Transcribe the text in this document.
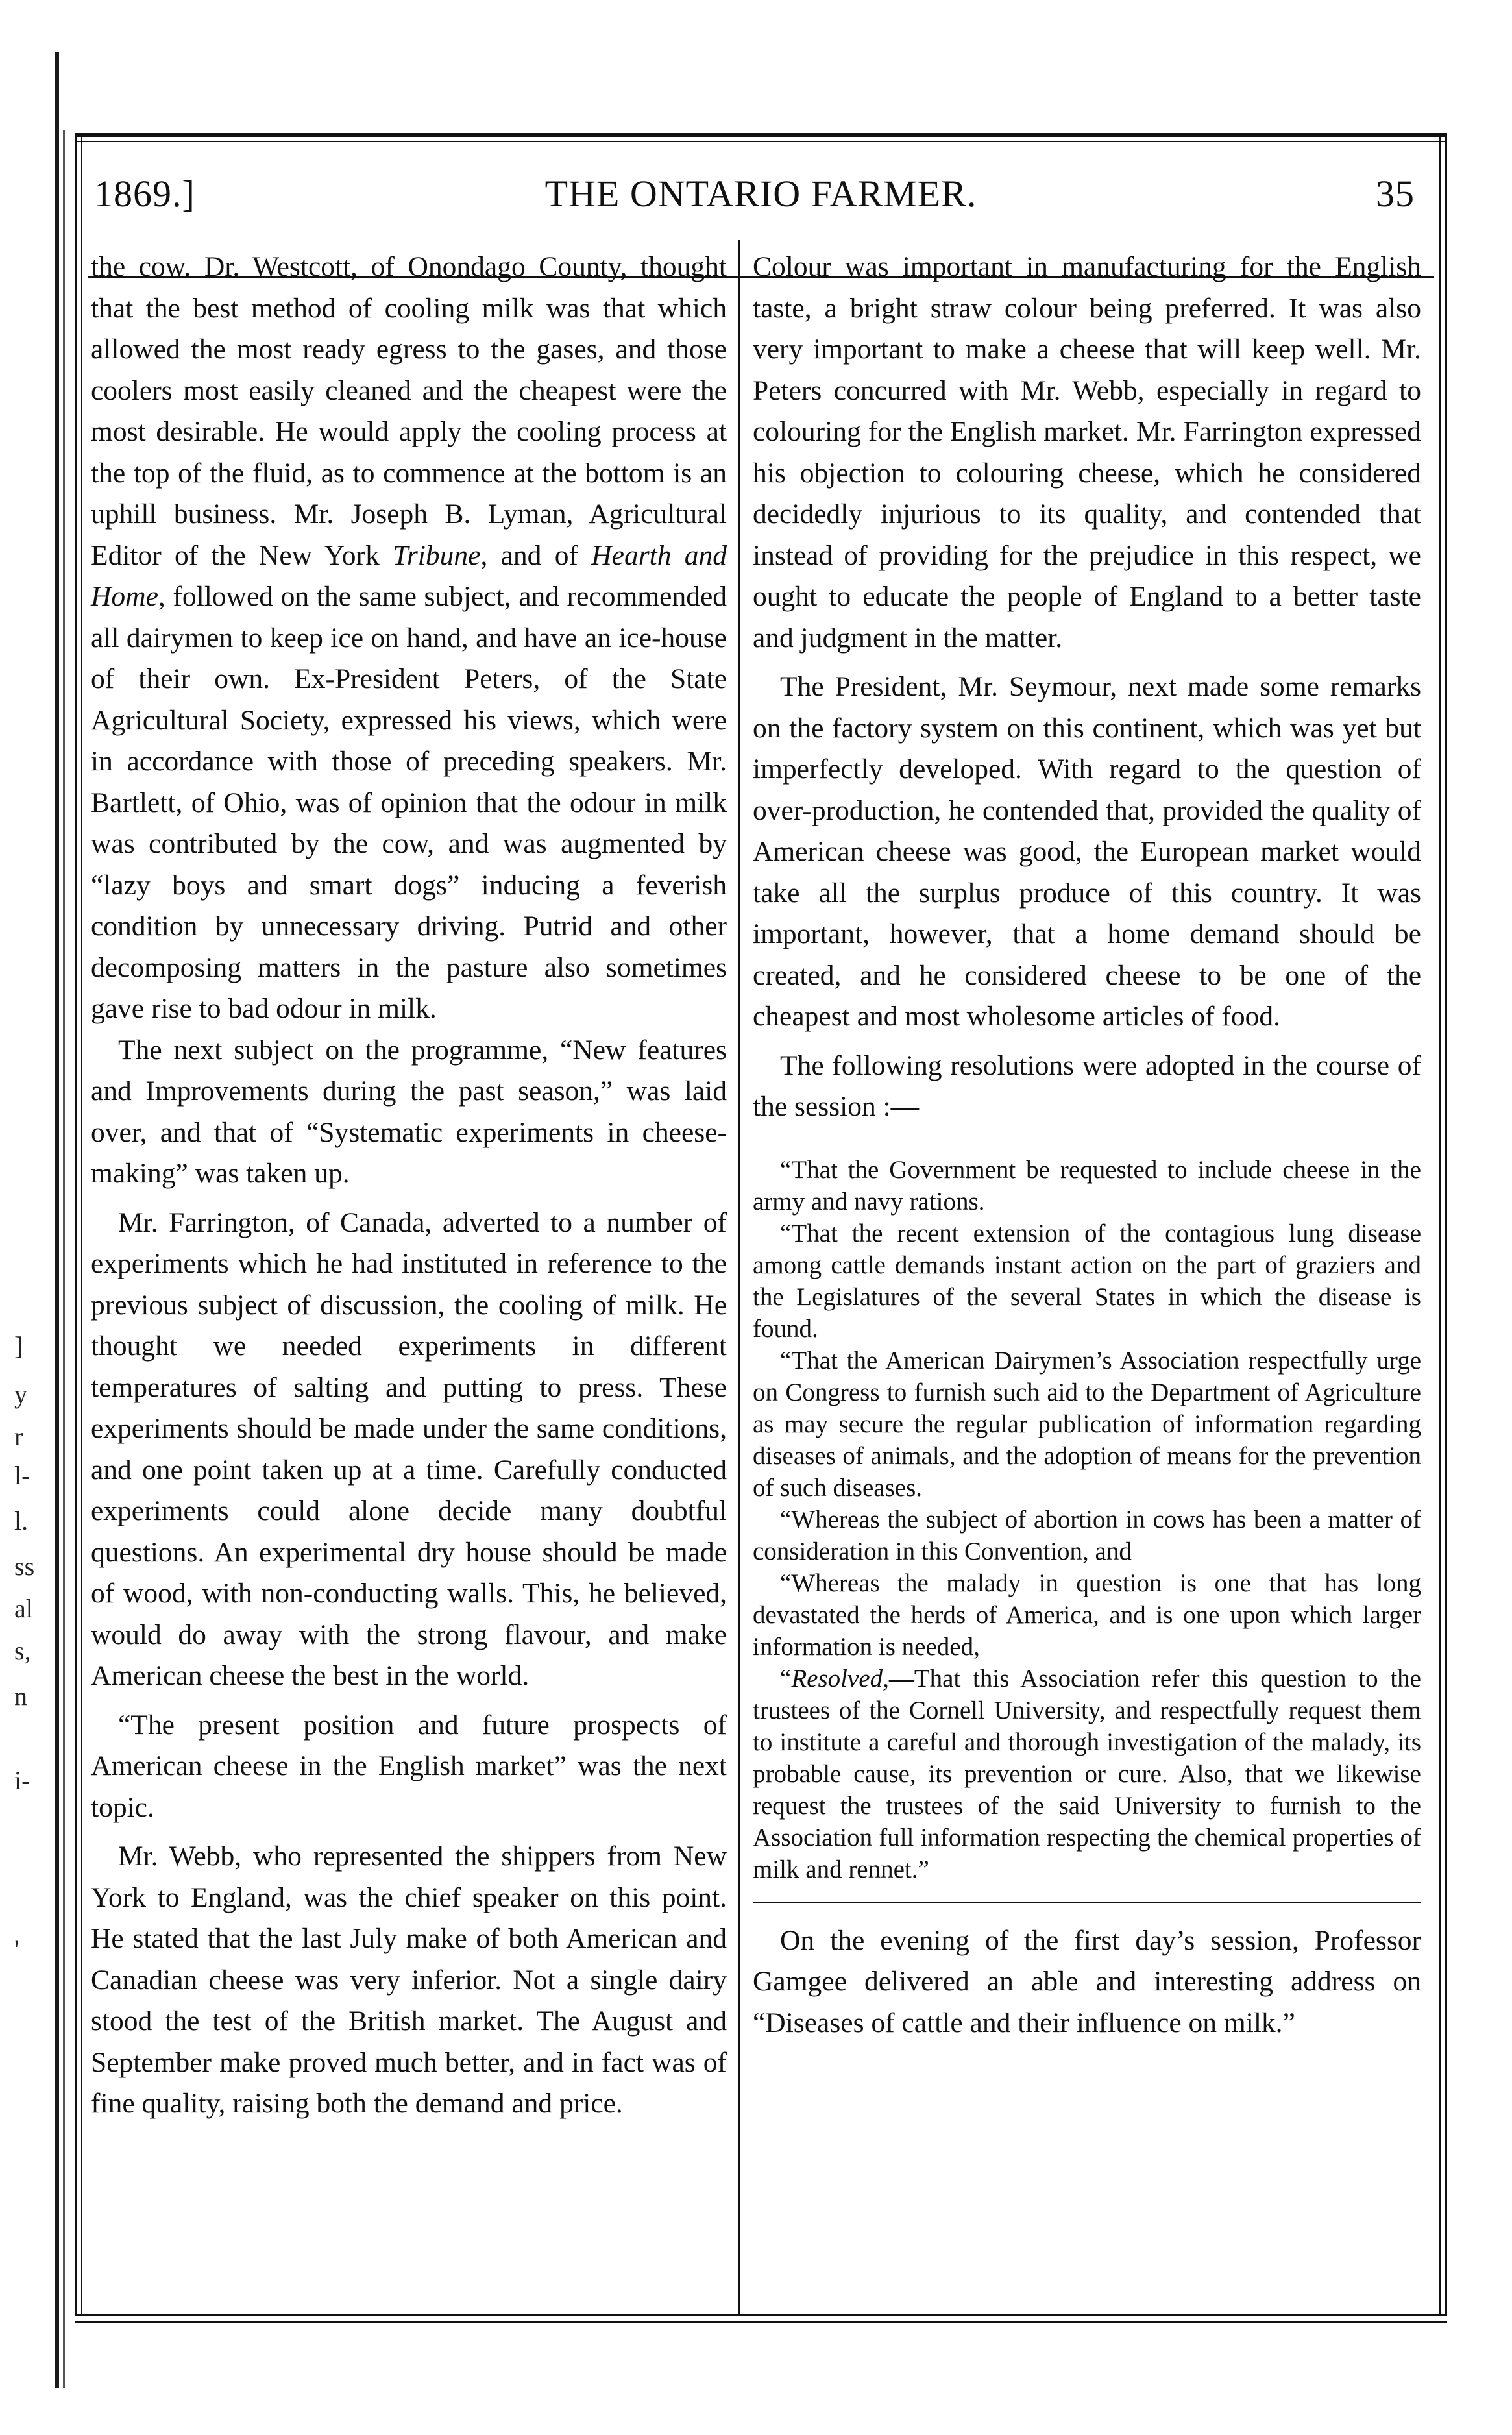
]
y
r
l-
l.
ss
al
s,
n
i-
'
1869.]	THE ONTARIO FARMER.	35

the cow. Dr. Westcott, of Onondago County, thought that the best method of cooling milk was that which allowed the most ready egress to the gases, and those coolers most easily cleaned and the cheapest were the most desirable. He would apply the cooling process at the top of the fluid, as to commence at the bottom is an uphill business. Mr. Joseph B. Lyman, Agricultural Editor of the New York Tribune, and of Hearth and Home, followed on the same subject, and recommended all dairymen to keep ice on hand, and have an ice-house of their own. Ex-President Peters, of the State Agricultural Society, expressed his views, which were in accordance with those of preceding speakers. Mr. Bartlett, of Ohio, was of opinion that the odour in milk was contributed by the cow, and was augmented by “lazy boys and smart dogs” inducing a feverish condition by unnecessary driving. Putrid and other decomposing matters in the pasture also sometimes gave rise to bad odour in milk.

The next subject on the programme, “New features and Improvements during the past season,” was laid over, and that of “Systematic experiments in cheese-making” was taken up.

Mr. Farrington, of Canada, adverted to a number of experiments which he had instituted in reference to the previous subject of discussion, the cooling of milk. He thought we needed experiments in different temperatures of salting and putting to press. These experiments should be made under the same conditions, and one point taken up at a time. Carefully conducted experiments could alone decide many doubtful questions. An experimental dry house should be made of wood, with non-conducting walls. This, he believed, would do away with the strong flavour, and make American cheese the best in the world.

“The present position and future prospects of American cheese in the English market” was the next topic.

Mr. Webb, who represented the shippers from New York to England, was the chief speaker on this point. He stated that the last July make of both American and Canadian cheese was very inferior. Not a single dairy stood the test of the British market. The August and September make proved much better, and in fact was of fine quality, raising both the demand and price.

Colour was important in manufacturing for the English taste, a bright straw colour being preferred. It was also very important to make a cheese that will keep well. Mr. Peters concurred with Mr. Webb, especially in regard to colouring for the English market. Mr. Farrington expressed his objection to colouring cheese, which he considered decidedly injurious to its quality, and contended that instead of providing for the prejudice in this respect, we ought to educate the people of England to a better taste and judgment in the matter.

The President, Mr. Seymour, next made some remarks on the factory system on this continent, which was yet but imperfectly developed. With regard to the question of over-production, he contended that, provided the quality of American cheese was good, the European market would take all the surplus produce of this country. It was important, however, that a home demand should be created, and he considered cheese to be one of the cheapest and most wholesome articles of food.

The following resolutions were adopted in the course of the session :—

“That the Government be requested to include cheese in the army and navy rations.

“That the recent extension of the contagious lung disease among cattle demands instant action on the part of graziers and the Legislatures of the several States in which the disease is found.

“That the American Dairymen’s Association respectfully urge on Congress to furnish such aid to the Department of Agriculture as may secure the regular publication of information regarding diseases of animals, and the adoption of means for the prevention of such diseases.

“Whereas the subject of abortion in cows has been a matter of consideration in this Convention, and

“Whereas the malady in question is one that has long devastated the herds of America, and is one upon which larger information is needed,

“Resolved,—That this Association refer this question to the trustees of the Cornell University, and respectfully request them to institute a careful and thorough investigation of the malady, its probable cause, its prevention or cure. Also, that we likewise request the trustees of the said University to furnish to the Association full information respecting the chemical properties of milk and rennet.”

On the evening of the first day’s session, Professor Gamgee delivered an able and interesting address on “Diseases of cattle and their influence on milk.”
